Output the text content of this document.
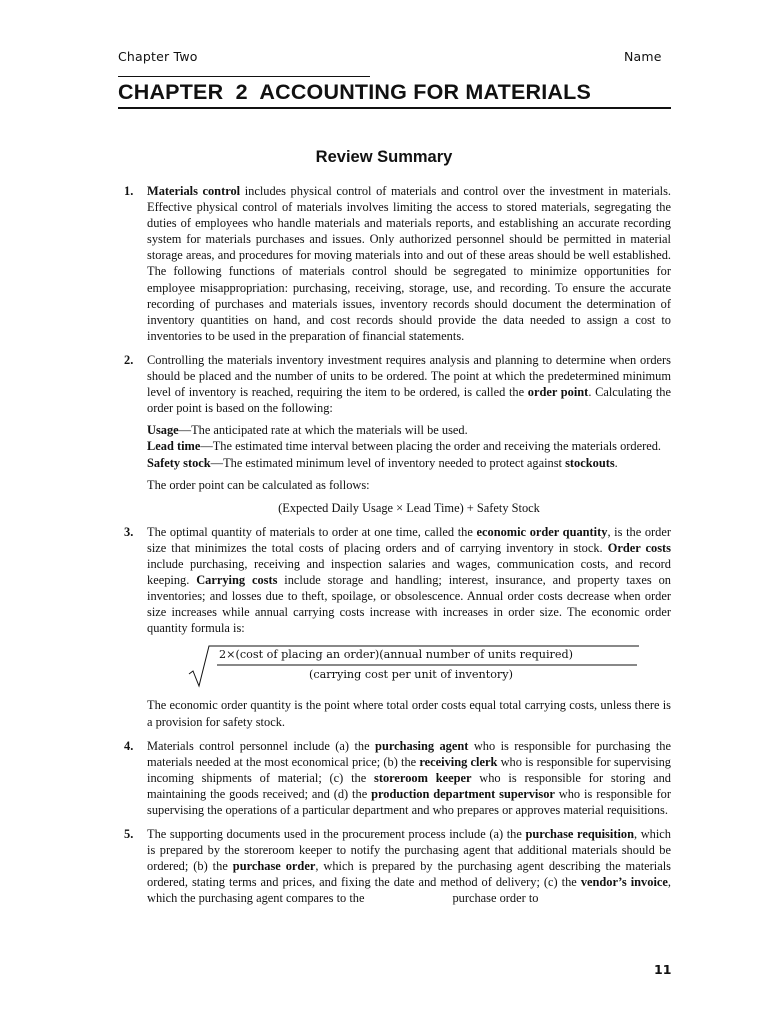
Chapter Two	Name
CHAPTER  2  ACCOUNTING FOR MATERIALS
Review Summary
1. Materials control includes physical control of materials and control over the investment in materials. Effective physical control of materials involves limiting the access to stored materials, segregating the duties of employees who handle materials and materials reports, and establishing an accurate recording system for materials purchases and issues. Only authorized personnel should be permitted in material storage areas, and procedures for moving materials into and out of these areas should be well established. The following functions of materials control should be segregated to minimize opportunities for employee misappropriation: purchasing, receiving, storage, use, and recording. To ensure the accurate recording of purchases and materials issues, inventory records should document the determination of inventory quantities on hand, and cost records should provide the data needed to assign a cost to inventories to be used in the preparation of financial statements.

2. Controlling the materials inventory investment requires analysis and planning to determine when orders should be placed and the number of units to be ordered. The point at which the predetermined minimum level of inventory is reached, requiring the item to be ordered, is called the order point. Calculating the order point is based on the following:

Usage—The anticipated rate at which the materials will be used.

Lead time—The estimated time interval between placing the order and receiving the materials ordered.

Safety stock—The estimated minimum level of inventory needed to protect against stockouts.

The order point can be calculated as follows:

(Expected Daily Usage × Lead Time) + Safety Stock

3. The optimal quantity of materials to order at one time, called the economic order quantity, is the order size that minimizes the total costs of placing orders and of carrying inventory in stock. Order costs include purchasing, receiving and inspection salaries and wages, communication costs, and record keeping. Carrying costs include storage and handling; interest, insurance, and property taxes on inventories; and losses due to theft, spoilage, or obsolescence. Annual order costs decrease when order size increases while annual carrying costs increase with increases in order size. The economic order quantity formula is:

2×(cost of placing an order)(annual number of units required)
(carrying cost per unit of inventory)

The economic order quantity is the point where total order costs equal total carrying costs, unless there is a provision for safety stock.

4. Materials control personnel include (a) the purchasing agent who is responsible for purchasing the materials needed at the most economical price; (b) the receiving clerk who is responsible for supervising incoming shipments of material; (c) the storeroom keeper who is responsible for storing and maintaining the goods received; and (d) the production department supervisor who is responsible for supervising the operations of a particular department and who prepares or approves material requisitions.

5. The supporting documents used in the procurement process include (a) the purchase requisition, which is prepared by the storeroom keeper to notify the purchasing agent that additional materials should be ordered; (b) the purchase order, which is prepared by the purchasing agent describing the materials ordered, stating terms and prices, and fixing the date and method of delivery; (c) the vendor’s invoice, which the purchasing agent compares to the	purchase order to

11
